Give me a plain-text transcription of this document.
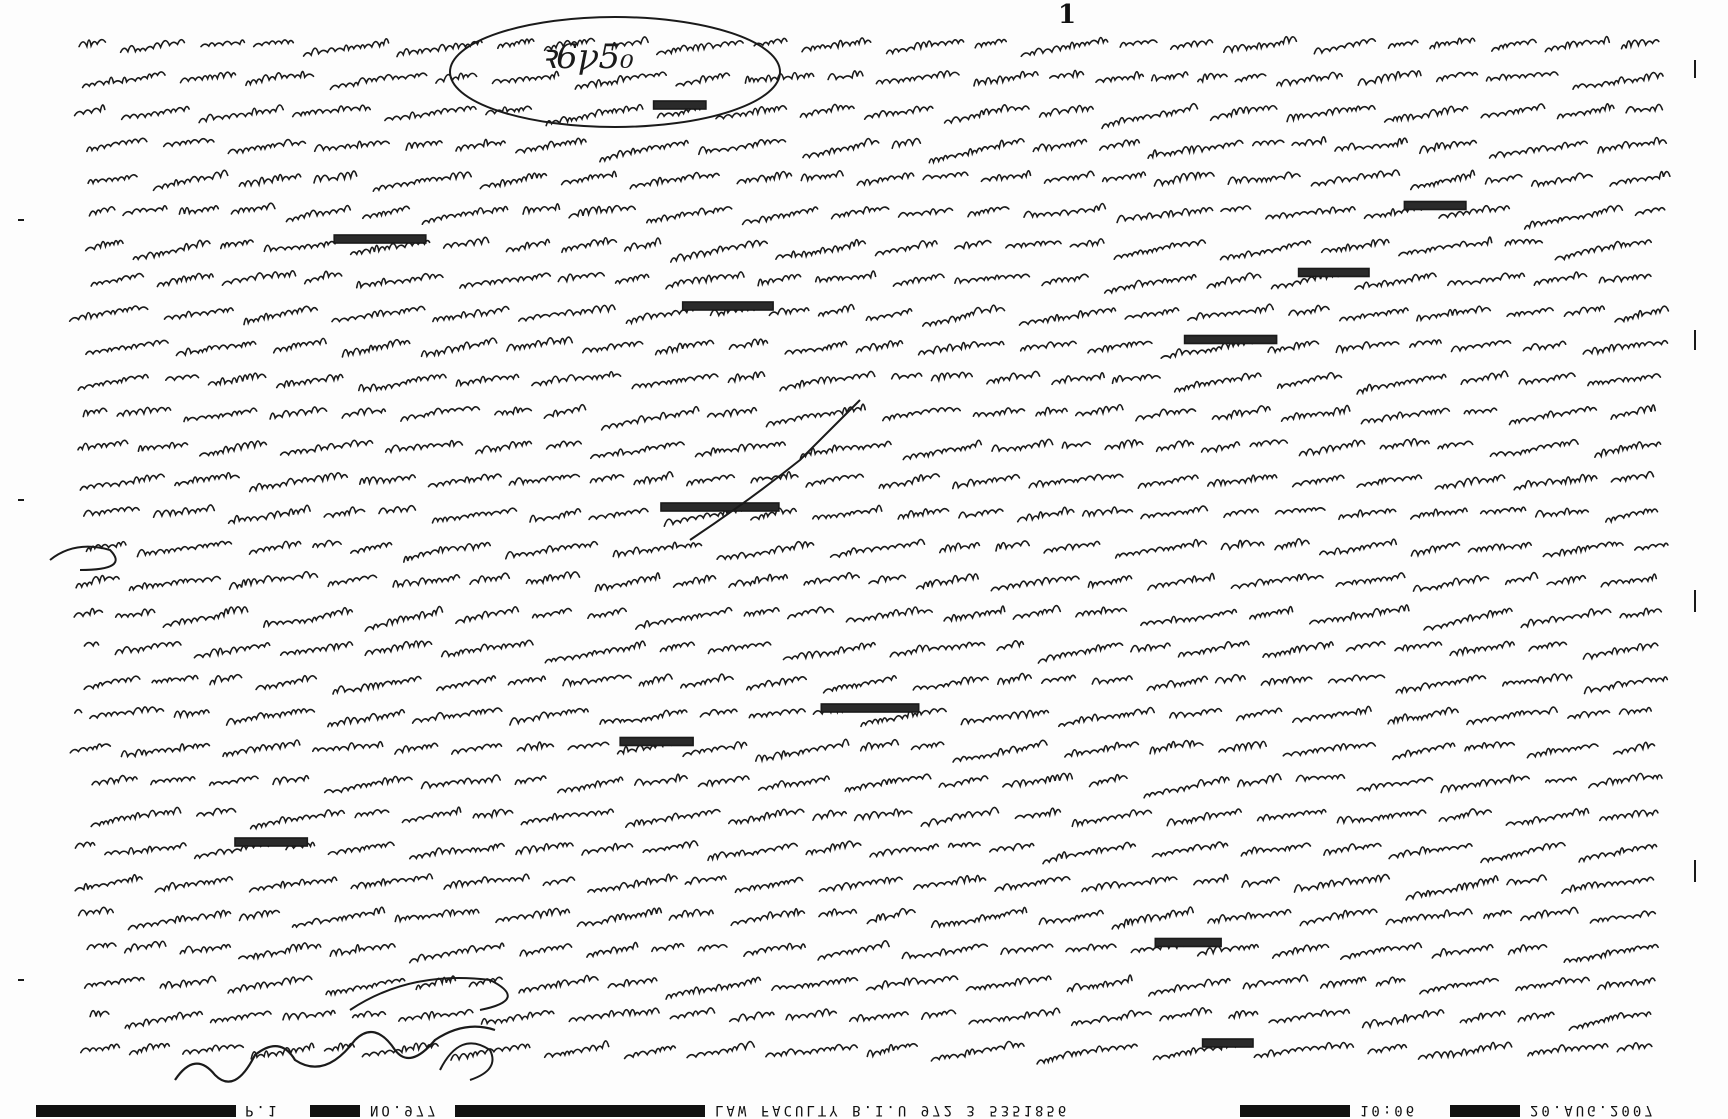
1
ꝛ6ꝩ5₀
P.1	NO.977	LAW FACULTY B.I.U 972 3 5351856	10:06	20.AUG.2007
